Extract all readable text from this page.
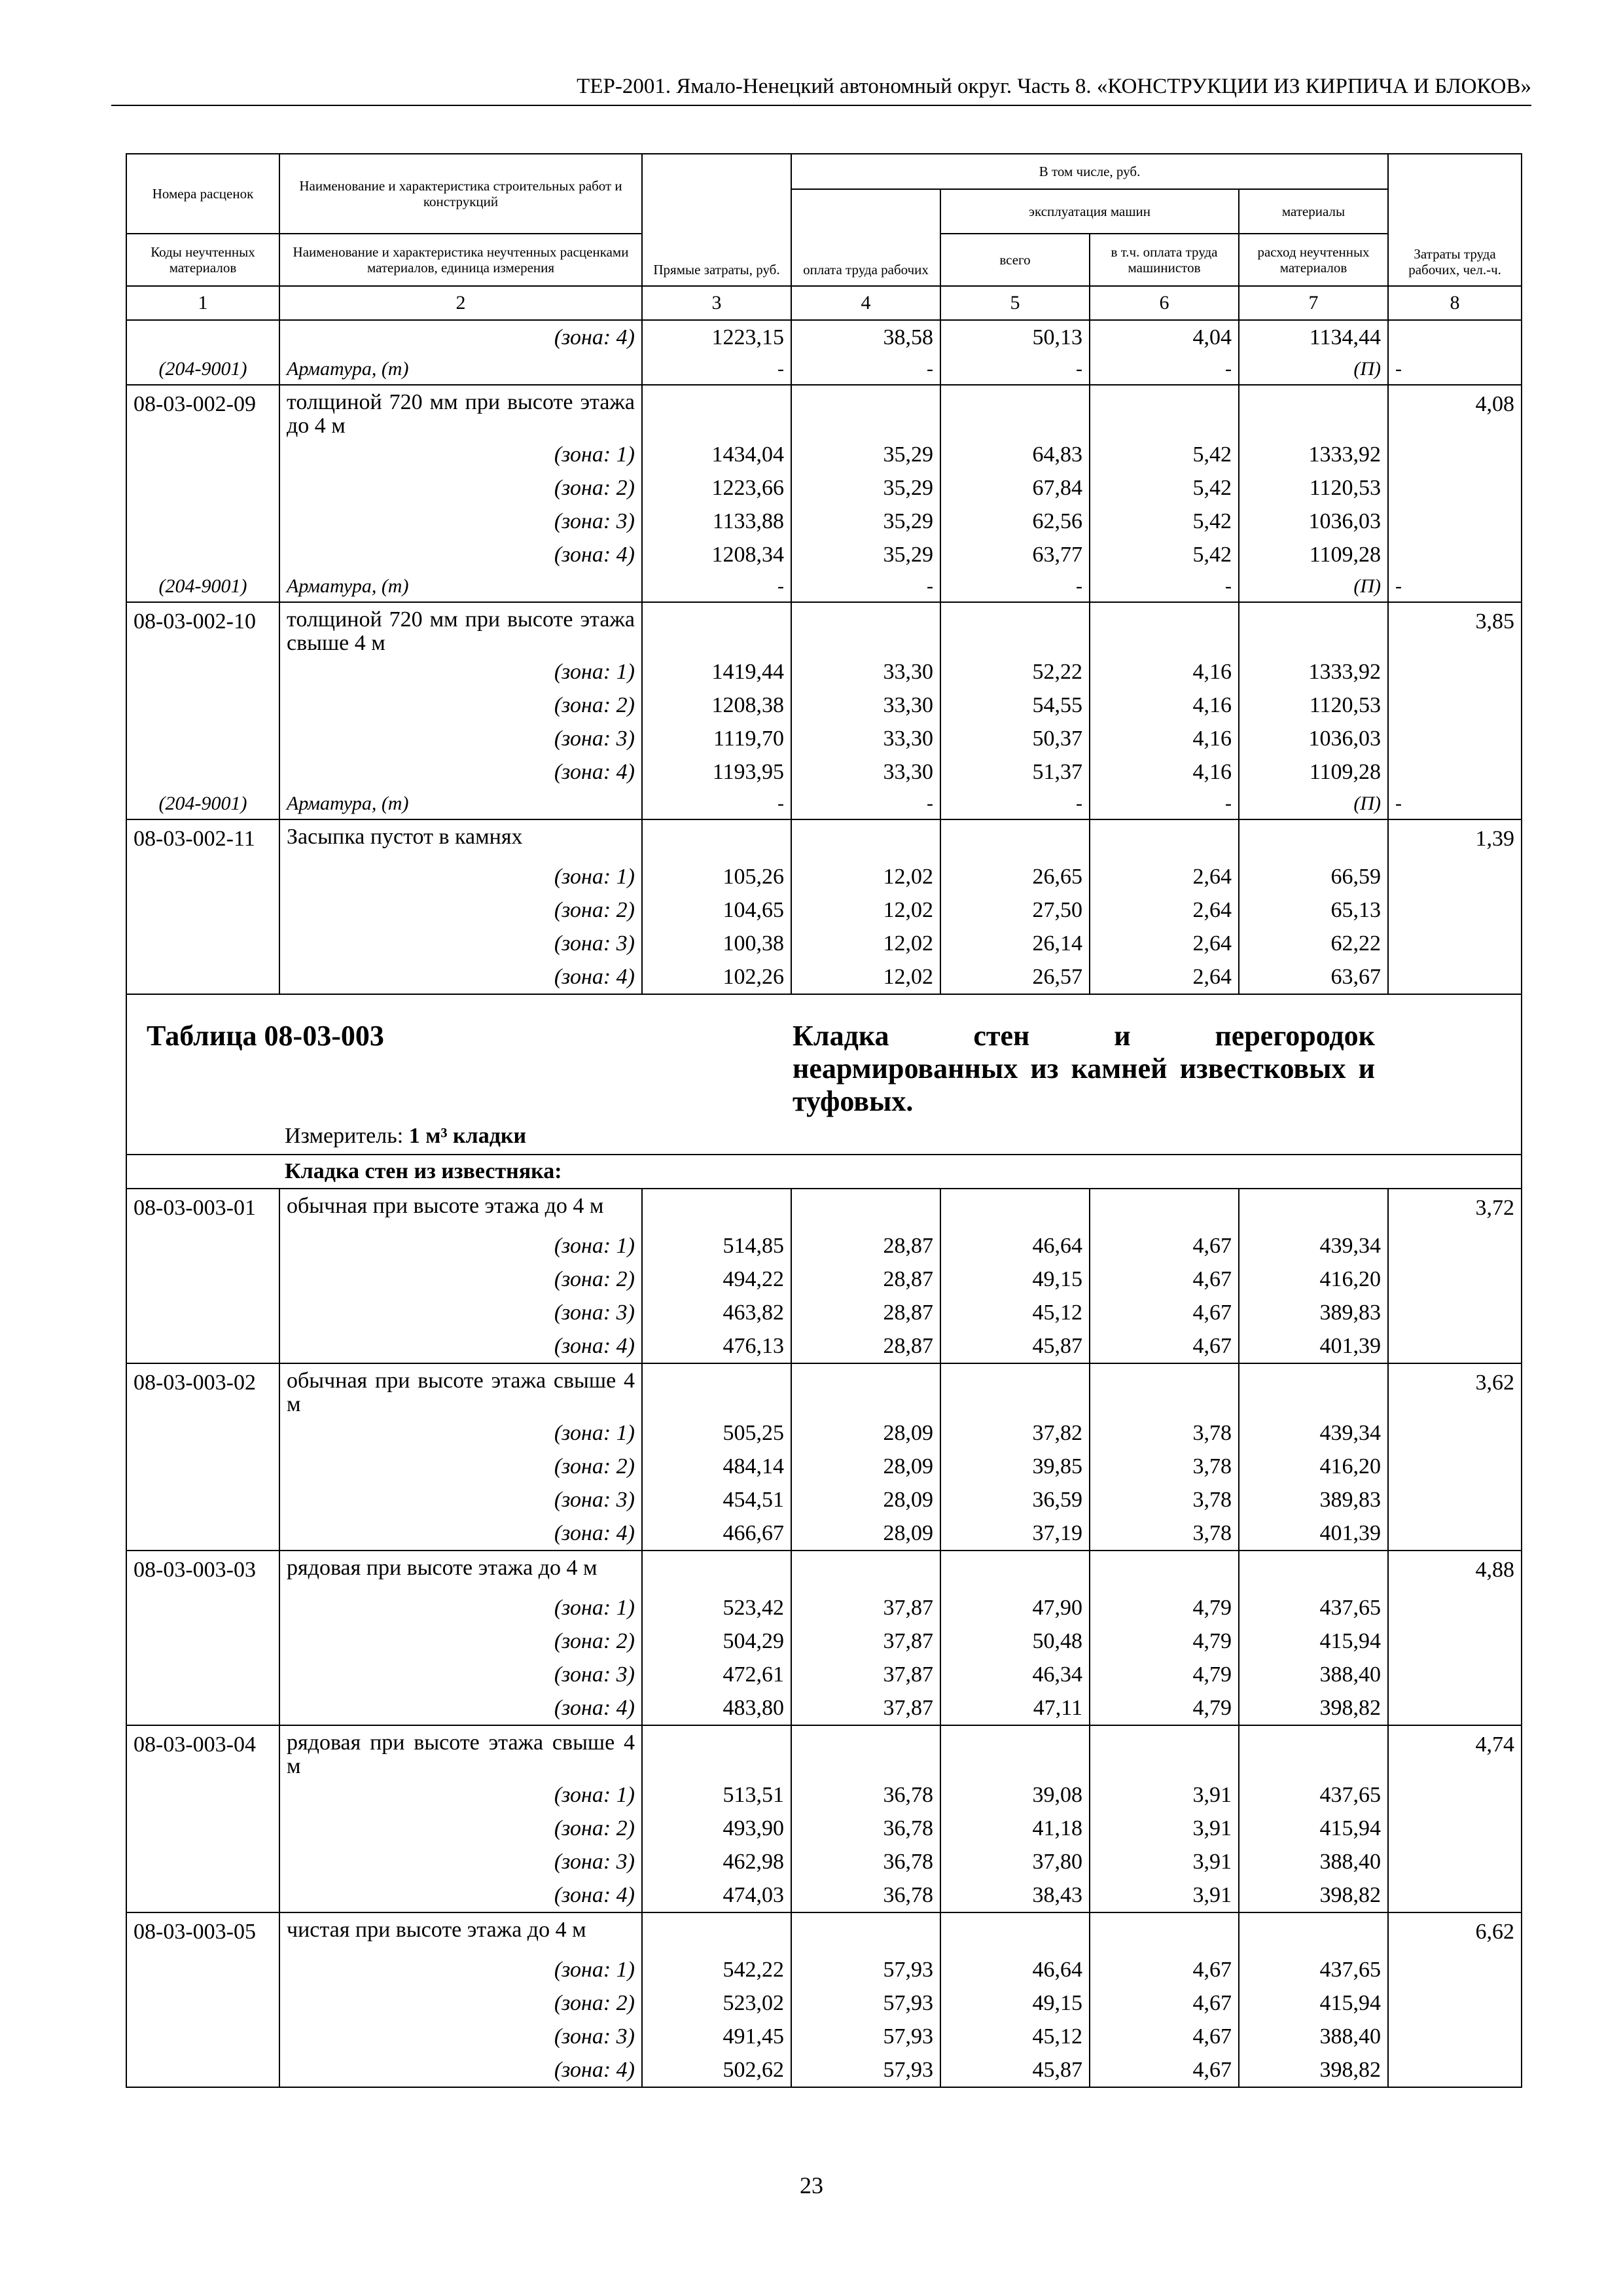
ТЕР-2001. Ямало-Ненецкий автономный округ. Часть 8. «КОНСТРУКЦИИ ИЗ КИРПИЧА И БЛОКОВ»
Номера расценок	Наименование и характеристика строительных работ и конструкций	Прямые затраты, руб.	В том числе, руб.				Затраты труда рабочих, чел.-ч.
			оплата труда рабочих	эксплуатация машин		материалы	
Коды неучтенных материалов	Наименование и характеристика неучтенных расценками материалов, единица измерения			всего	в т.ч. оплата труда машинистов	расход неучтенных материалов	
1	2	3	4	5	6	7	8
	(зона: 4)	1223,15	38,58	50,13	4,04	1134,44	
(204-9001)	Арматура, (т)	-	-	-	-	(П)	-
08-03-002-09	толщиной 720 мм при высоте этажа до 4 м						4,08
	(зона: 1)	1434,04	35,29	64,83	5,42	1333,92	
	(зона: 2)	1223,66	35,29	67,84	5,42	1120,53	
	(зона: 3)	1133,88	35,29	62,56	5,42	1036,03	
	(зона: 4)	1208,34	35,29	63,77	5,42	1109,28	
(204-9001)	Арматура, (т)	-	-	-	-	(П)	-
08-03-002-10	толщиной 720 мм при высоте этажа свыше 4 м						3,85
	(зона: 1)	1419,44	33,30	52,22	4,16	1333,92	
	(зона: 2)	1208,38	33,30	54,55	4,16	1120,53	
	(зона: 3)	1119,70	33,30	50,37	4,16	1036,03	
	(зона: 4)	1193,95	33,30	51,37	4,16	1109,28	
(204-9001)	Арматура, (т)	-	-	-	-	(П)	-
08-03-002-11	Засыпка пустот в камнях						1,39
	(зона: 1)	105,26	12,02	26,65	2,64	66,59	
	(зона: 2)	104,65	12,02	27,50	2,64	65,13	
	(зона: 3)	100,38	12,02	26,14	2,64	62,22	
	(зона: 4)	102,26	12,02	26,57	2,64	63,67	
Таблица 08-03-003			Кладка стен и перегородок неармированных из камней известковых и туфовых.				

	Измеритель: 1 м³ кладки						
	Кладка стен из известняка:						
08-03-003-01	обычная при высоте этажа до 4 м						3,72
	(зона: 1)	514,85	28,87	46,64	4,67	439,34	
	(зона: 2)	494,22	28,87	49,15	4,67	416,20	
	(зона: 3)	463,82	28,87	45,12	4,67	389,83	
	(зона: 4)	476,13	28,87	45,87	4,67	401,39	
08-03-003-02	обычная при высоте этажа свыше 4 м						3,62
	(зона: 1)	505,25	28,09	37,82	3,78	439,34	
	(зона: 2)	484,14	28,09	39,85	3,78	416,20	
	(зона: 3)	454,51	28,09	36,59	3,78	389,83	
	(зона: 4)	466,67	28,09	37,19	3,78	401,39	
08-03-003-03	рядовая при высоте этажа до 4 м						4,88
	(зона: 1)	523,42	37,87	47,90	4,79	437,65	
	(зона: 2)	504,29	37,87	50,48	4,79	415,94	
	(зона: 3)	472,61	37,87	46,34	4,79	388,40	
	(зона: 4)	483,80	37,87	47,11	4,79	398,82	
08-03-003-04	рядовая при высоте этажа свыше 4 м						4,74
	(зона: 1)	513,51	36,78	39,08	3,91	437,65	
	(зона: 2)	493,90	36,78	41,18	3,91	415,94	
	(зона: 3)	462,98	36,78	37,80	3,91	388,40	
	(зона: 4)	474,03	36,78	38,43	3,91	398,82	
08-03-003-05	чистая при высоте этажа до 4 м						6,62
	(зона: 1)	542,22	57,93	46,64	4,67	437,65	
	(зона: 2)	523,02	57,93	49,15	4,67	415,94	
	(зона: 3)	491,45	57,93	45,12	4,67	388,40	
	(зона: 4)	502,62	57,93	45,87	4,67	398,82	
23
